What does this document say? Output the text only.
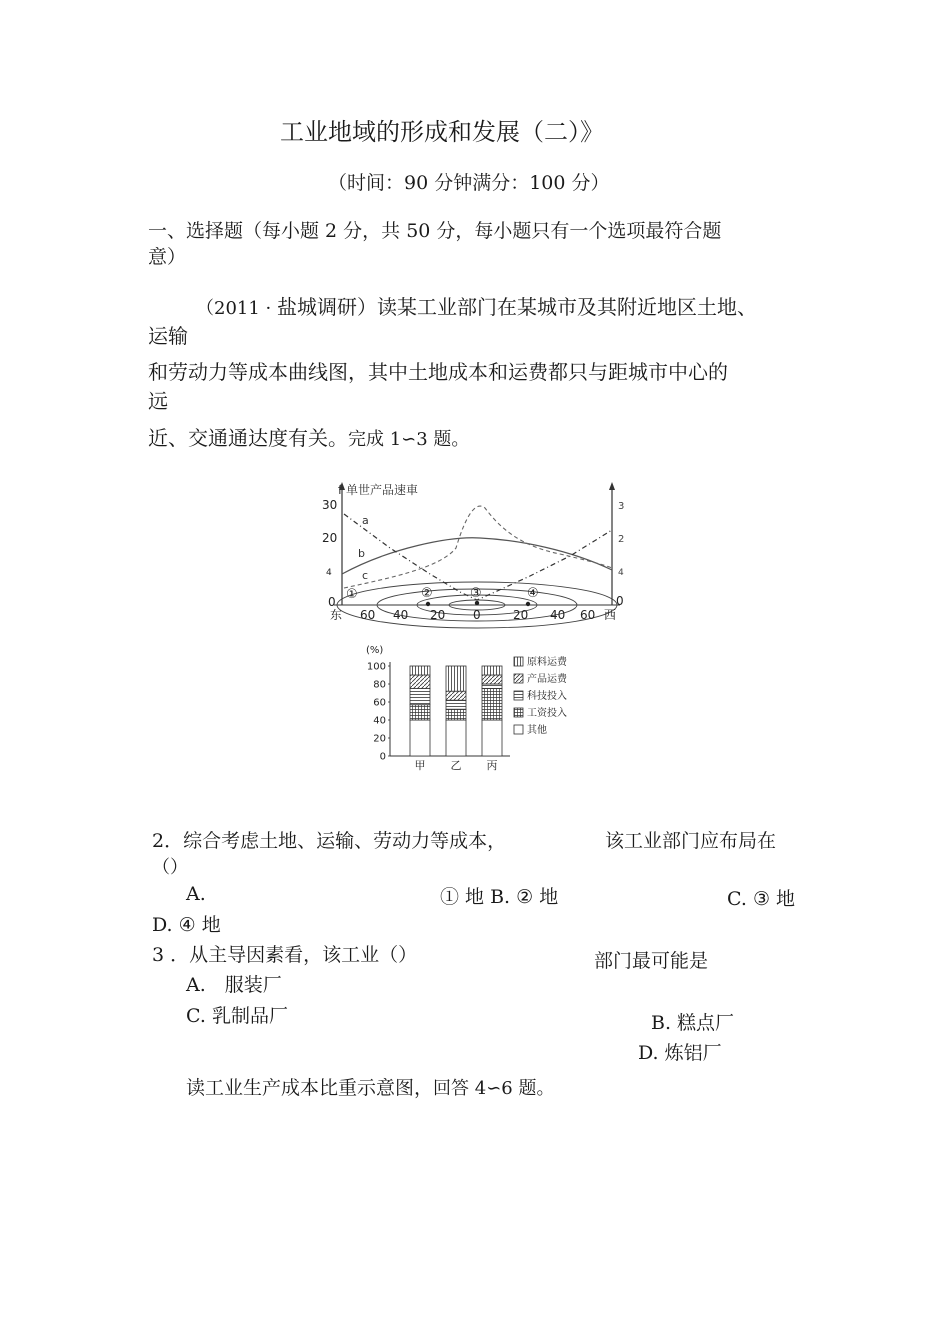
工业地域的形成和发展（二）》
（时间：90 分钟满分：100 分）
一、选择题（每小题 2 分，共 50 分，每小题只有一个选项最符合题
意）
（2011 · 盐城调研）读某工业部门在某城市及其附近地区土地、
运输
和劳动力等成本曲线图，其中土地成本和运费都只与距城市中心的
远
近、交通通达度有关。完成 1∽3 题。
f 单世产品速車
30
20
4
0
3
2
4
0
a
b
c
①	②	③	④
东 60 40 20 0	20 40 60 西
(%)
100
80
60
40
20
0
甲 乙 丙
原料运费
产品运费
科技投入
工资投入
其他
2．综合考虑土地、运输、劳动力等成本，	该工业部门应布局在
（）
A.	① 地 B. ② 地	C. ③ 地
D. ④ 地
3 ．从主导因素看，该工业（）	部门最可能是
A.　服装厂
C. 乳制品厂	B. 糕点厂
D. 炼铝厂
读工业生产成本比重示意图，回答 4∽6 题。
